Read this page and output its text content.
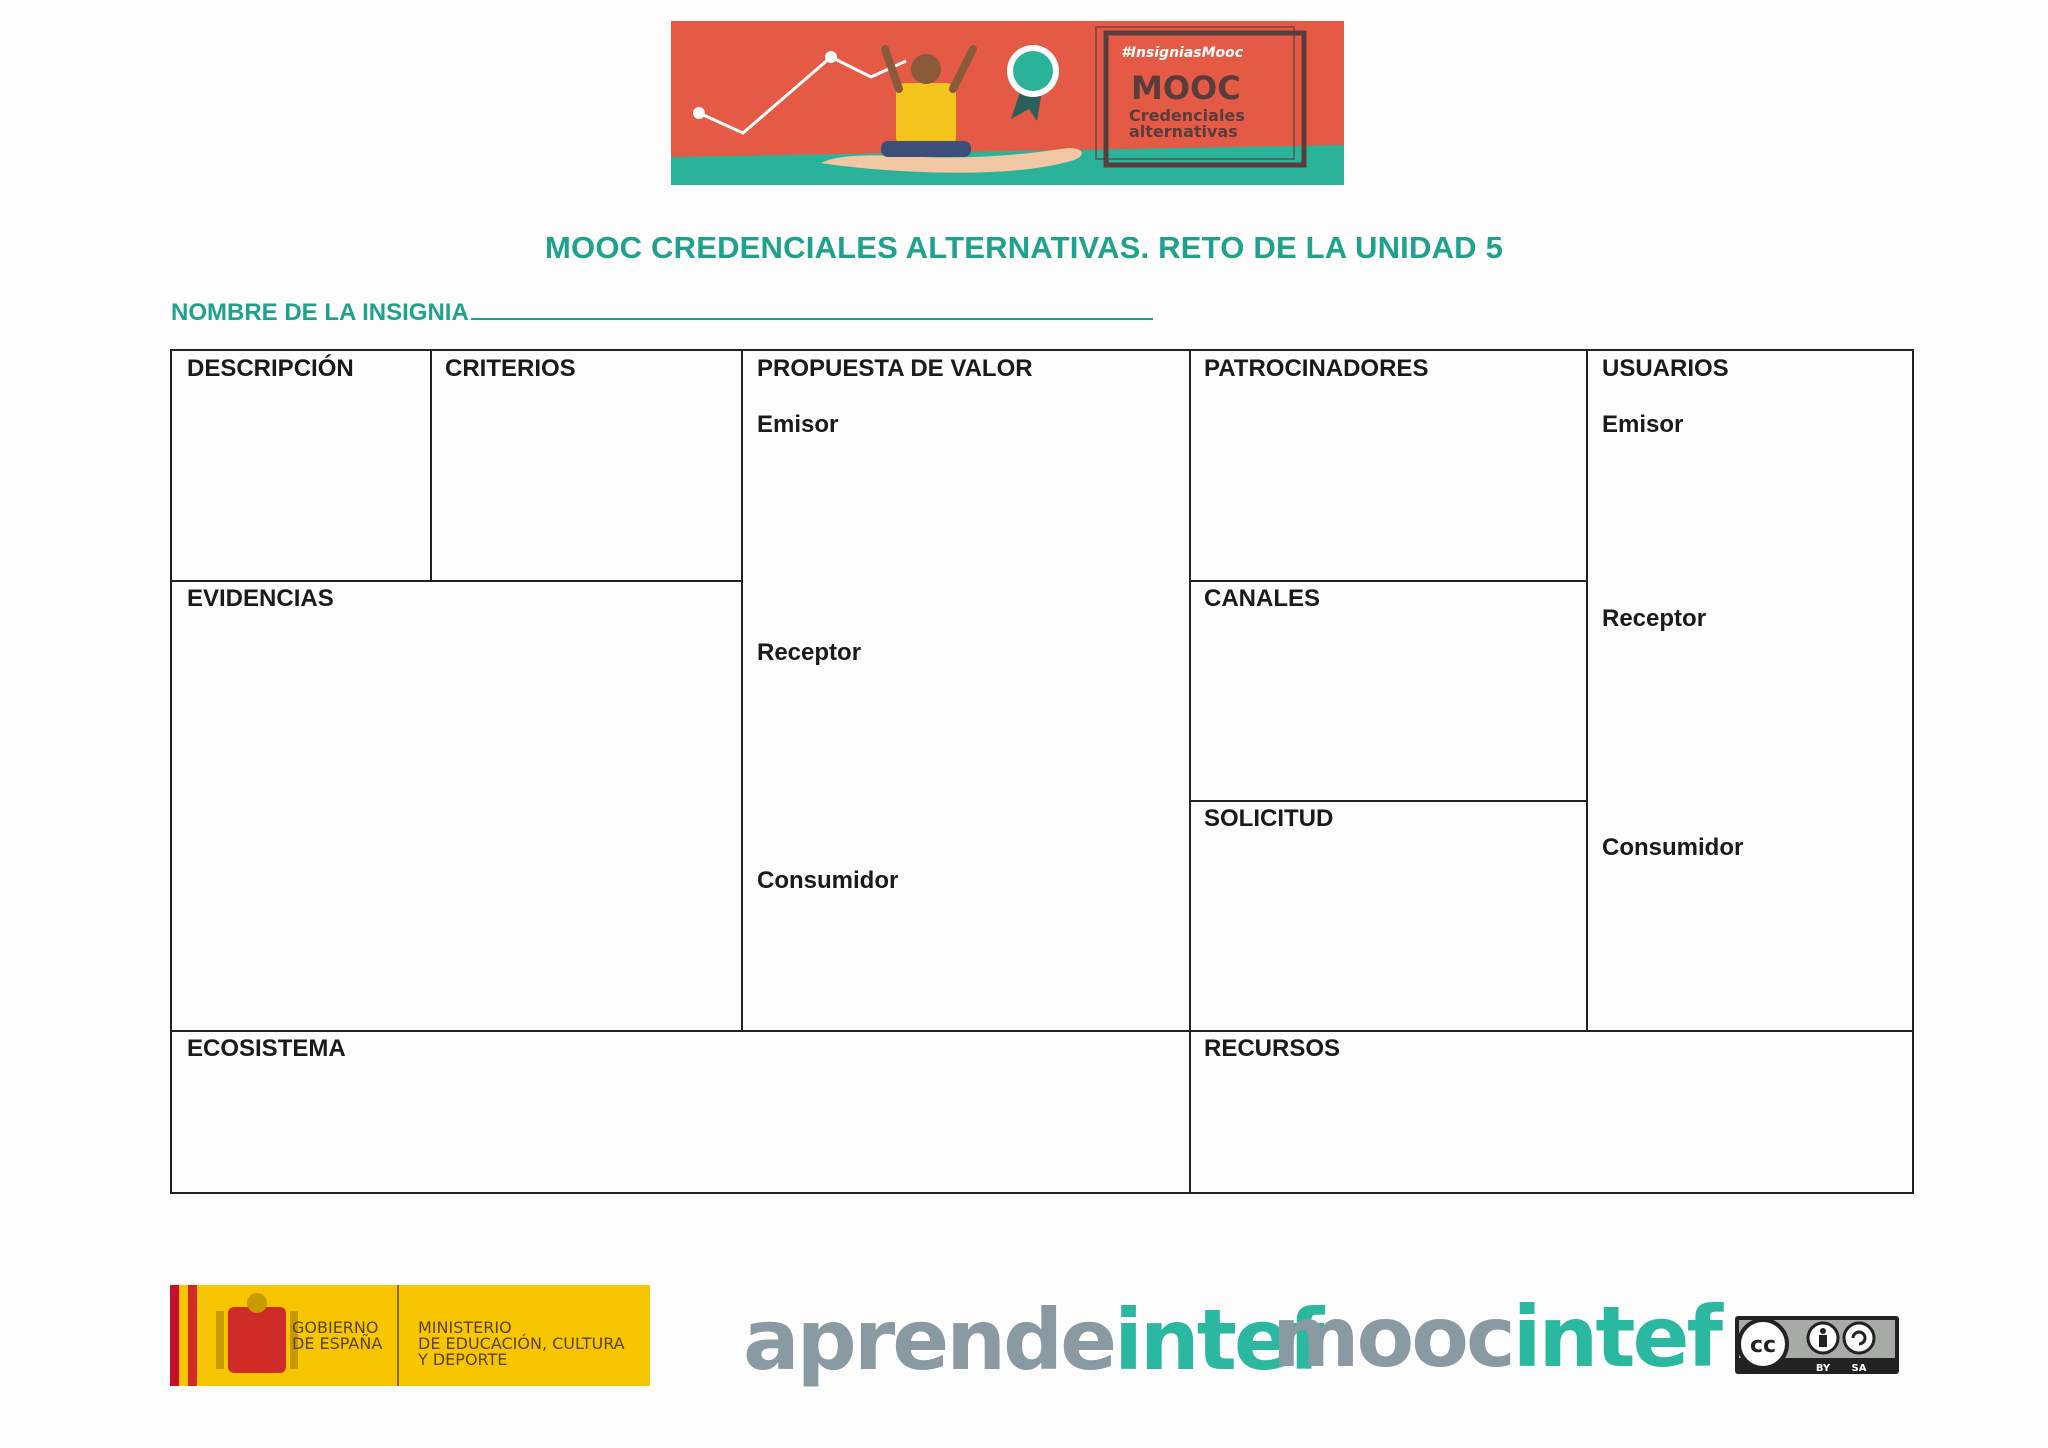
#InsigniasMooc
MOOC
Credenciales
alternativas
MOOC CREDENCIALES ALTERNATIVAS. RETO DE LA UNIDAD 5
NOMBRE DE LA INSIGNIA
DESCRIPCIÓN	CRITERIOS	PROPUESTA DE VALOR	PATROCINADORES	USUARIOS
Emisor
Receptor
Consumidor
Emisor
Receptor
Consumidor
EVIDENCIAS	CANALES
SOLICITUD
ECOSISTEMA	RECURSOS
GOBIERNO
DE ESPAÑA
MINISTERIO
DE EDUCACIÓN, CULTURA
Y DEPORTE	aprendeintef
moocintef cc
BY SA
